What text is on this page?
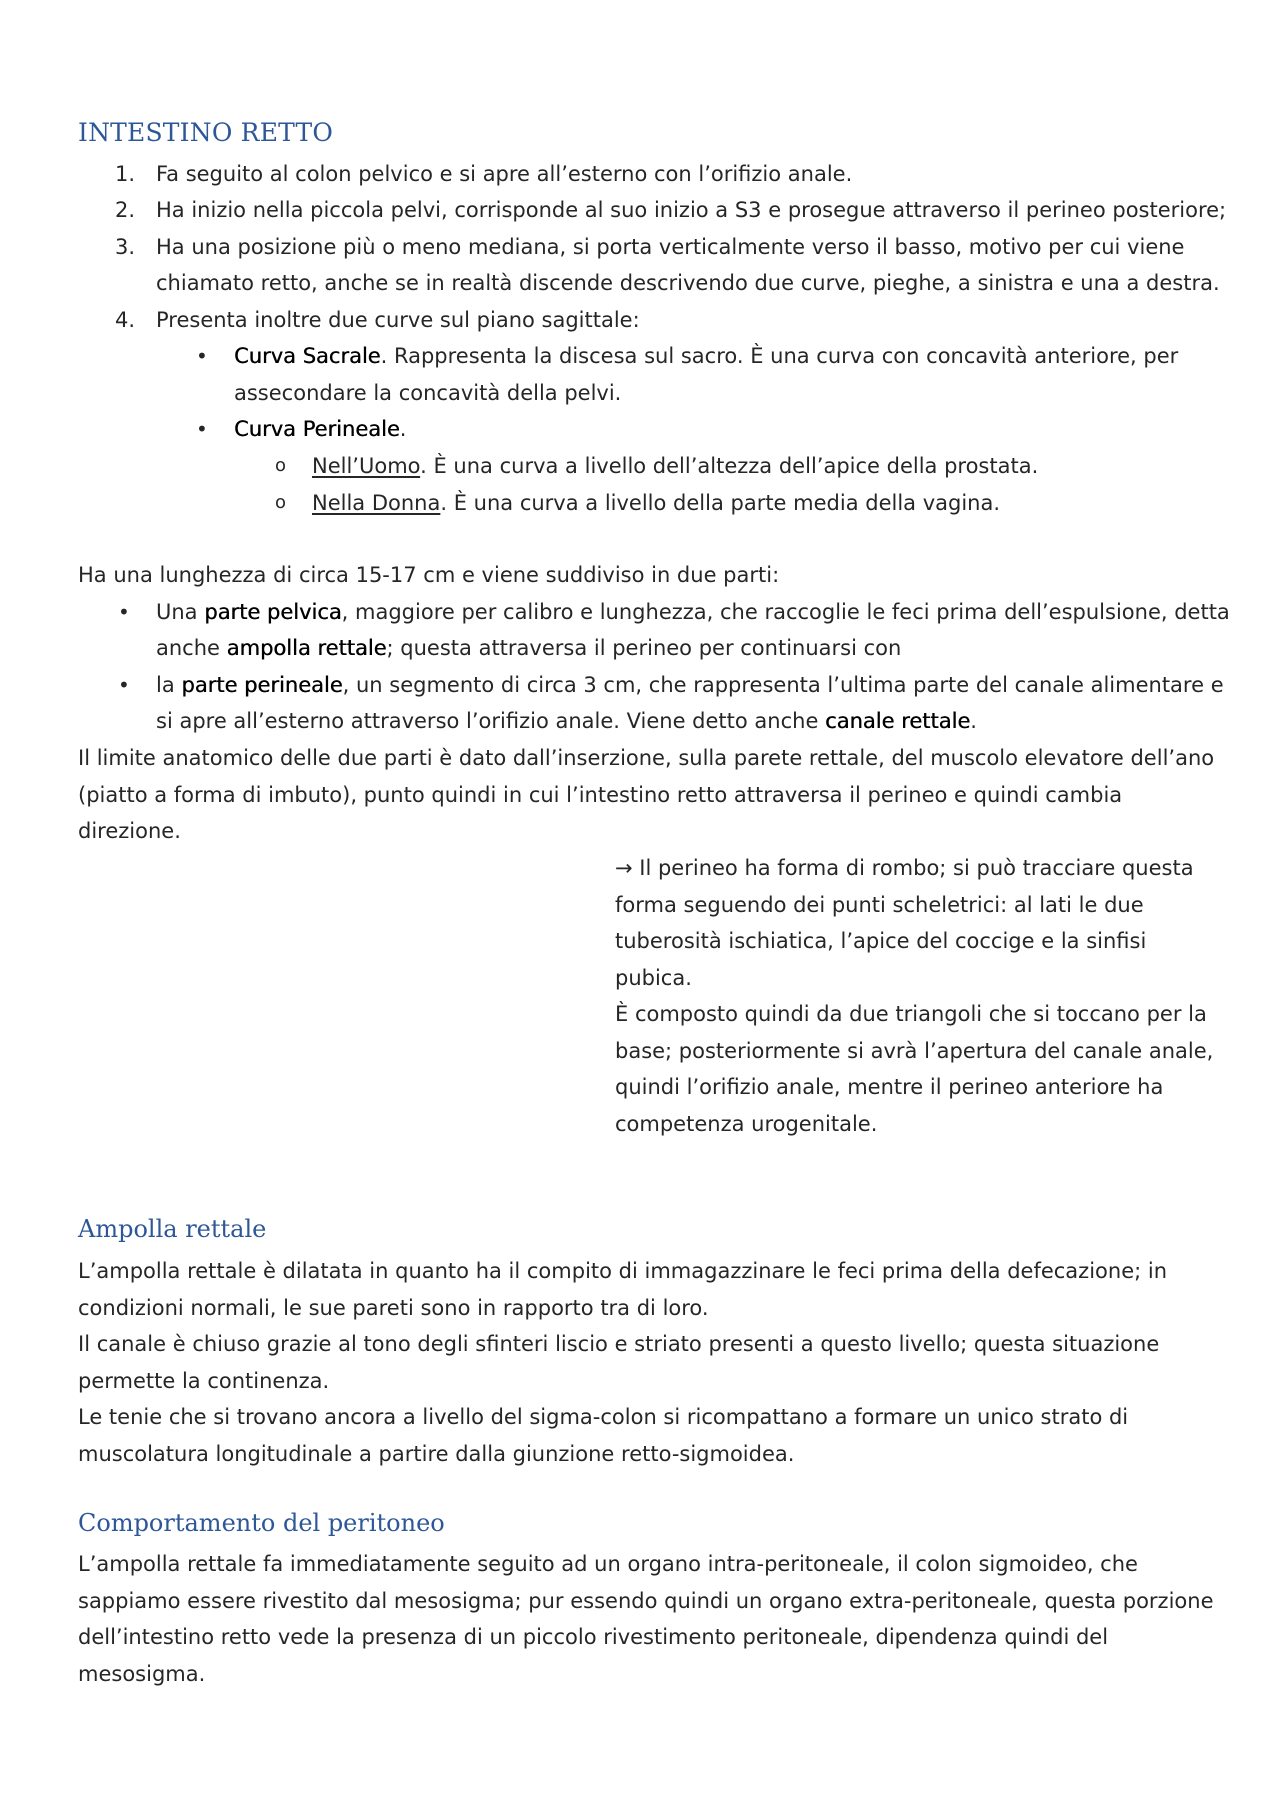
INTESTINO RETTO
1. Fa seguito al colon pelvico e si apre all’esterno con l’orifizio anale.
2. Ha inizio nella piccola pelvi, corrisponde al suo inizio a S3 e prosegue attraverso il perineo posteriore;
3. Ha una posizione più o meno mediana, si porta verticalmente verso il basso, motivo per cui viene
chiamato retto, anche se in realtà discende descrivendo due curve, pieghe, a sinistra e una a destra.
4. Presenta inoltre due curve sul piano sagittale:
• Curva Sacrale. Rappresenta la discesa sul sacro. È una curva con concavità anteriore, per
assecondare la concavità della pelvi.
• Curva Perineale.
o Nell’Uomo. È una curva a livello dell’altezza dell’apice della prostata.
o Nella Donna. È una curva a livello della parte media della vagina.
Ha una lunghezza di circa 15-17 cm e viene suddiviso in due parti:
• Una parte pelvica, maggiore per calibro e lunghezza, che raccoglie le feci prima dell’espulsione, detta
anche ampolla rettale; questa attraversa il perineo per continuarsi con
• la parte perineale, un segmento di circa 3 cm, che rappresenta l’ultima parte del canale alimentare e
si apre all’esterno attraverso l’orifizio anale. Viene detto anche canale rettale.
Il limite anatomico delle due parti è dato dall’inserzione, sulla parete rettale, del muscolo elevatore dell’ano (piatto a forma di imbuto), punto quindi in cui l’intestino retto attraversa il perineo e quindi cambia direzione.
→ Il perineo ha forma di rombo; si può tracciare questa forma seguendo dei punti scheletrici: al lati le due tuberosità ischiatica, l’apice del coccige e la sinfisi pubica.
È composto quindi da due triangoli che si toccano per la base; posteriormente si avrà l’apertura del canale anale, quindi l’orifizio anale, mentre il perineo anteriore ha competenza urogenitale.
Ampolla rettale
L’ampolla rettale è dilatata in quanto ha il compito di immagazzinare le feci prima della defecazione; in condizioni normali, le sue pareti sono in rapporto tra di loro.
Il canale è chiuso grazie al tono degli sfinteri liscio e striato presenti a questo livello; questa situazione permette la continenza.
Le tenie che si trovano ancora a livello del sigma-colon si ricompattano a formare un unico strato di muscolatura longitudinale a partire dalla giunzione retto-sigmoidea.
Comportamento del peritoneo
L’ampolla rettale fa immediatamente seguito ad un organo intra-peritoneale, il colon sigmoideo, che sappiamo essere rivestito dal mesosigma; pur essendo quindi un organo extra-peritoneale, questa porzione dell’intestino retto vede la presenza di un piccolo rivestimento peritoneale, dipendenza quindi del mesosigma.
